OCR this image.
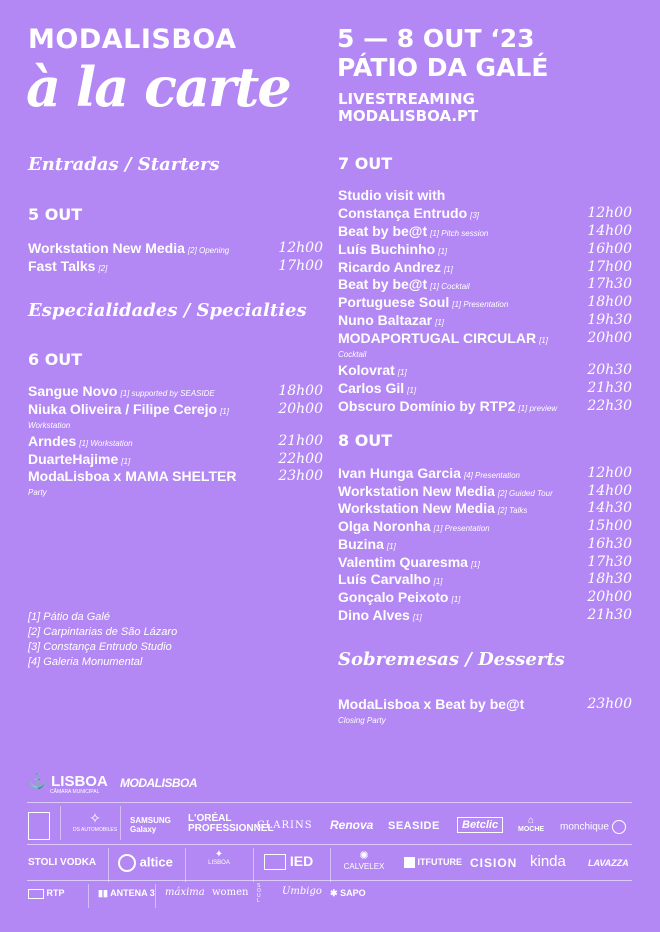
MODALISBOA
à la carte
5 — 8 OUT ‘23
PÁTIO DA GALÉ
LIVESTREAMING
MODALISBOA.PT
Entradas / Starters
5 OUT
Workstation New Media [2] Opening	12h00
Fast Talks [2]	17h00
Especialidades / Specialties
6 OUT
Sangue Novo [1] supported by SEASIDE	18h00
Niuka Oliveira / Filipe Cerejo [1]	20h00
Workstation
Arndes [1] Workstation	21h00
DuarteHajime [1]	22h00
ModaLisboa x MAMA SHELTER	23h00
Party
[1] Pátio da Galé
[2] Carpintarias de São Lázaro
[3] Constança Entrudo Studio
[4] Galeria Monumental
7 OUT
Studio visit with
Constança Entrudo [3]	12h00
Beat by be@t [1] Pitch session	14h00
Luís Buchinho [1]	16h00
Ricardo Andrez [1]	17h00
Beat by be@t [1] Cocktail	17h30
Portuguese Soul [1] Presentation	18h00
Nuno Baltazar [1]	19h30
MODAPORTUGAL CIRCULAR [1]	20h00
Cocktail
Kolovrat [1]	20h30
Carlos Gil [1]	21h30
Obscuro Domínio by RTP2 [1] preview 22h30
8 OUT
Ivan Hunga Garcia [4] Presentation	12h00
Workstation New Media [2] Guided Tour 14h00
Workstation New Media [2] Talks	14h30
Olga Noronha [1] Presentation	15h00
Buzina [1]	16h30
Valentim Quaresma [1]	17h30
Luís Carvalho [1]	18h30
Gonçalo Peixoto [1]	20h00
Dino Alves [1]	21h30
Sobremesas / Desserts
ModaLisboa x Beat by be@t	23h00
Closing Party
⚓ LISBOA
CÂMARA MUNICIPAL
MODALISBOA
✧
DS AUTOMOBILES
SAMSUNG Galaxy
L'ORÉAL PROFESSIONNEL
CLARINS Renova SEASIDE	Betclic	⌂
MOCHE monchique
STOLI VODKA	altice	✦
LISBOA	IED	✺
CALVELEX	ITFUTURE CISION kinda LAVAZZA
RTP	▮▮ ANTENA 3 máxima women
SOUL
Umbigo ✱ SAPO
